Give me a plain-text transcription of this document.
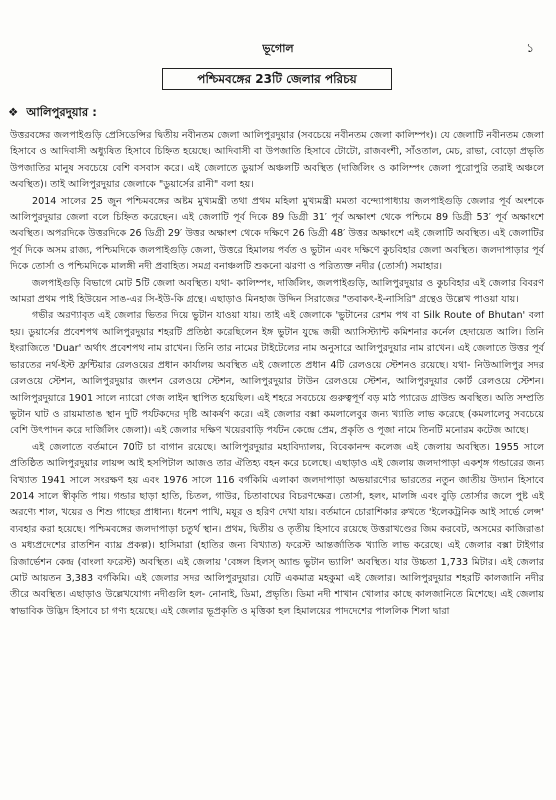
ভূগোল	১
পশ্চিমবঙ্গের 23টি জেলার পরিচয়
❖ আলিপুরদুয়ার :

উত্তরবঙ্গের জলপাইগুড়ি প্রেসিডেন্সির দ্বিতীয় নবীনতম জেলা আলিপুরদুয়ার (সবচেয়ে নবীনতম জেলা কালিম্পং)। যে জেলাটি নবীনতম জেলা হিসাবে ও আদিবাসী অধ্যুষিত হিসাবে চিহ্নিত হয়েছে। আদিবাসী বা উপজাতি হিসাবে টোটো, রাজবংশী, সাঁওতাল, মেচ, রাভা, বোড়ো প্রভৃতি উপজাতির মানুষ সবচেয়ে বেশি বসবাস করে। এই জেলাতে ডুয়ার্স অঞ্চলটি অবস্থিত (দার্জিলিং ও কালিম্পং জেলা পুরোপুরি তরাই অঞ্চলে অবস্থিত)। তাই আলিপুরদুয়ার জেলাকে "ডুয়ার্সের রানী" বলা হয়।

2014 সালের 25 জুন পশ্চিমবঙ্গের অষ্টম মুখ্যমন্ত্রী তথা প্রথম মহিলা মুখ্যমন্ত্রী মমতা বন্দ্যোপাধ্যায় জলপাইগুড়ি জেলার পূর্ব অংশকে আলিপুরদুয়ার জেলা বলে চিহ্নিত করেছেন। এই জেলাটি পূর্ব দিকে 89 ডিগ্রী 31′ পূর্ব অক্ষাংশ থেকে পশ্চিমে 89 ডিগ্রী 53′ পূর্ব অক্ষাংশে অবস্থিত। অপরদিকে উত্তরদিকে 26 ডিগ্রী 29′ উত্তর অক্ষাংশ থেকে দক্ষিণে 26 ডিগ্রী 48′ উত্তর অক্ষাংশে এই জেলাটি অবস্থিত। এই জেলাটির পূর্ব দিকে অসম রাজ্য, পশ্চিমদিকে জলপাইগুড়ি জেলা, উত্তরে হিমালয় পর্বত ও ভুটান এবং দক্ষিণে কুচবিহার জেলা অবস্থিত। জলদাপাড়ার পূর্ব দিকে তোর্সা ও পশ্চিমদিকে মালঙ্গী নদী প্রবাহিত। সমগ্র বনাঞ্চলটি শুকনো ঝরণা ও পরিত্যক্ত নদীর (তোর্সা) সমাহার।

জলপাইগুড়ি বিভাগে মোট 5টি জেলা অবস্থিত। যথা- কালিম্পং, দার্জিলিং, জলপাইগুড়ি, আলিপুরদুয়ার ও কুচবিহার এই জেলার বিবরণ আমরা প্রথম পাই হিউয়েন সাঙ-এর সি-ইউ-কি গ্রন্থে। এছাড়াও মিনহাজ উদ্দিন সিরাজের "তবাকৎ-ই-নাসিরি" গ্রন্থেও উল্লেখ পাওয়া যায়।

গভীর অরণ্যাবৃত এই জেলার ভিতর দিয়ে ভুটান যাওয়া যায়। তাই এই জেলাকে 'ভুটানের রেশম পথ বা Silk Route of Bhutan' বলা হয়। ডুয়ার্সের প্রবেশপথ আলিপুরদুয়ার শহরটি প্রতিষ্ঠা করেছিলেন ইঙ্গ ভুটান যুদ্ধে জয়ী অ্যাসিস্ট্যান্ট কমিশনার কর্নেল হেদায়েত আলি। তিনি ইংরাজিতে 'Duar' অর্থাৎ প্রবেশপথ নাম রাখেন। তিনি তার নামের টাইটেলের নাম অনুসারে আলিপুরদুয়ার নাম রাখেন। এই জেলাতে উত্তর পূর্ব ভারতের নর্থ-ইস্ট ফ্রন্টিয়ার রেলওয়ের প্রধান কার্যালয় অবস্থিত এই জেলাতে প্রধান 4টি রেলওয়ে স্টেশনও রয়েছে। যথা- নিউআলিপুর সদর রেলওয়ে স্টেশন, আলিপুরদুয়ার জংশন রেলওয়ে স্টেশন, আলিপুরদুয়ার টাউন রেলওয়ে স্টেশন, আলিপুরদুয়ার কোর্ট রেলওয়ে স্টেশন। আলিপুরদুয়ারে 1901 সালে ন্যারো গেজ লাইন স্থাপিত হয়েছিল। এই শহরে সবচেয়ে গুরুত্বপূর্ণ বড় মাঠ প্যারেড গ্রাউন্ড অবস্থিত। অতি সম্প্রতি ভুটান ঘাট ও রায়মাতাঙ স্থান দুটি পর্যটকদের দৃষ্টি আকর্ষণ করে। এই জেলার বক্সা কমলালেবুর জন্য খ্যাতি লাভ করেছে (কমলালেবু সবচেয়ে বেশি উৎপাদন করে দার্জিলিং জেলা)। এই জেলার দক্ষিণ খয়েরবাড়ি পর্যটন কেন্দ্রে প্রেম, প্রকৃতি ও পূজা নামে তিনটি মনোরম কটেজ আছে।

এই জেলাতে বর্তমানে 70টি চা বাগান রয়েছে। আলিপুরদুয়ার মহাবিদ্যালয়, বিবেকানন্দ কলেজ এই জেলায় অবস্থিত। 1955 সালে প্রতিষ্ঠিত আলিপুরদুয়ার লায়ন্স আই হসপিটাল আজও তার ঐতিহ্য বহন করে চলেছে। এছাড়াও এই জেলায় জলদাপাড়া একশৃঙ্গ গন্ডারের জন্য বিখ্যাত 1941 সালে সংরক্ষণ হয় এবং 1976 সালে 116 বর্গকিমি এলাকা জলদাপাড়া অভয়ারণ্যের ভারতের নতুন জাতীয় উদ্যান হিসাবে 2014 সালে স্বীকৃতি পায়। গন্ডার ছাড়া হাতি, চিতল, গাউর, চিতাবাঘের বিচরণক্ষেত্র। তোর্সা, হলং, মালঙ্গি এবং বুড়ি তোর্সার জলে পুষ্ট এই অরণ্যে শাল, খয়ের ও শিশু গাছের প্রাধান্য। ধনেশ পাখি, ময়ূর ও হরিণ দেখা যায়। বর্তমানে চোরাশিকার রুখতে 'ইলেকট্রনিক আই সার্ভে লেন্স' ব্যবহার করা হয়েছে। পশ্চিমবঙ্গের জলদাপাড়া চতুর্থ স্থান। প্রথম, দ্বিতীয় ও তৃতীয় হিসাবে রয়েছে উত্তরাখণ্ডের জিম করবেট, অসমের কাজিরাঙা ও মধ্যপ্রদেশের রাতশিন ব্যাঘ্র প্রকল্প)। হাসিমারা (হাতির জন্য বিখ্যাত) ফরেস্ট আন্তর্জাতিক খ্যাতি লাভ করেছে। এই জেলার বক্সা টাইগার রিজার্ভেশন কেন্দ্র (বাংলা ফরেস্ট) অবস্থিত। এই জেলায় 'বেঙ্গল হিলস্ অ্যান্ড ভুটান ভ্যালি' অবস্থিত। যার উচ্চতা 1,733 মিটার। এই জেলার মোট আয়তন 3,383 বর্গকিমি। এই জেলার সদর আলিপুরদুয়ার। যেটি একমাত্র মহকুমা এই জেলার। আলিপুরদুয়ার শহরটি কালজানি নদীর তীরে অবস্থিত। এছাড়াও উল্লেখযোগ্য নদীগুলি হল- নোনাই, ডিমা, প্রভৃতি। ডিমা নদী শাখান খোলার কাছে কালজানিতে মিশেছে। এই জেলায় স্বাভাবিক উদ্ভিদ হিসাবে চা গণ্য হয়েছে। এই জেলার ভূপ্রকৃতি ও মৃত্তিকা হল হিমালয়ের পাদদেশের পাললিক শিলা দ্বারা
